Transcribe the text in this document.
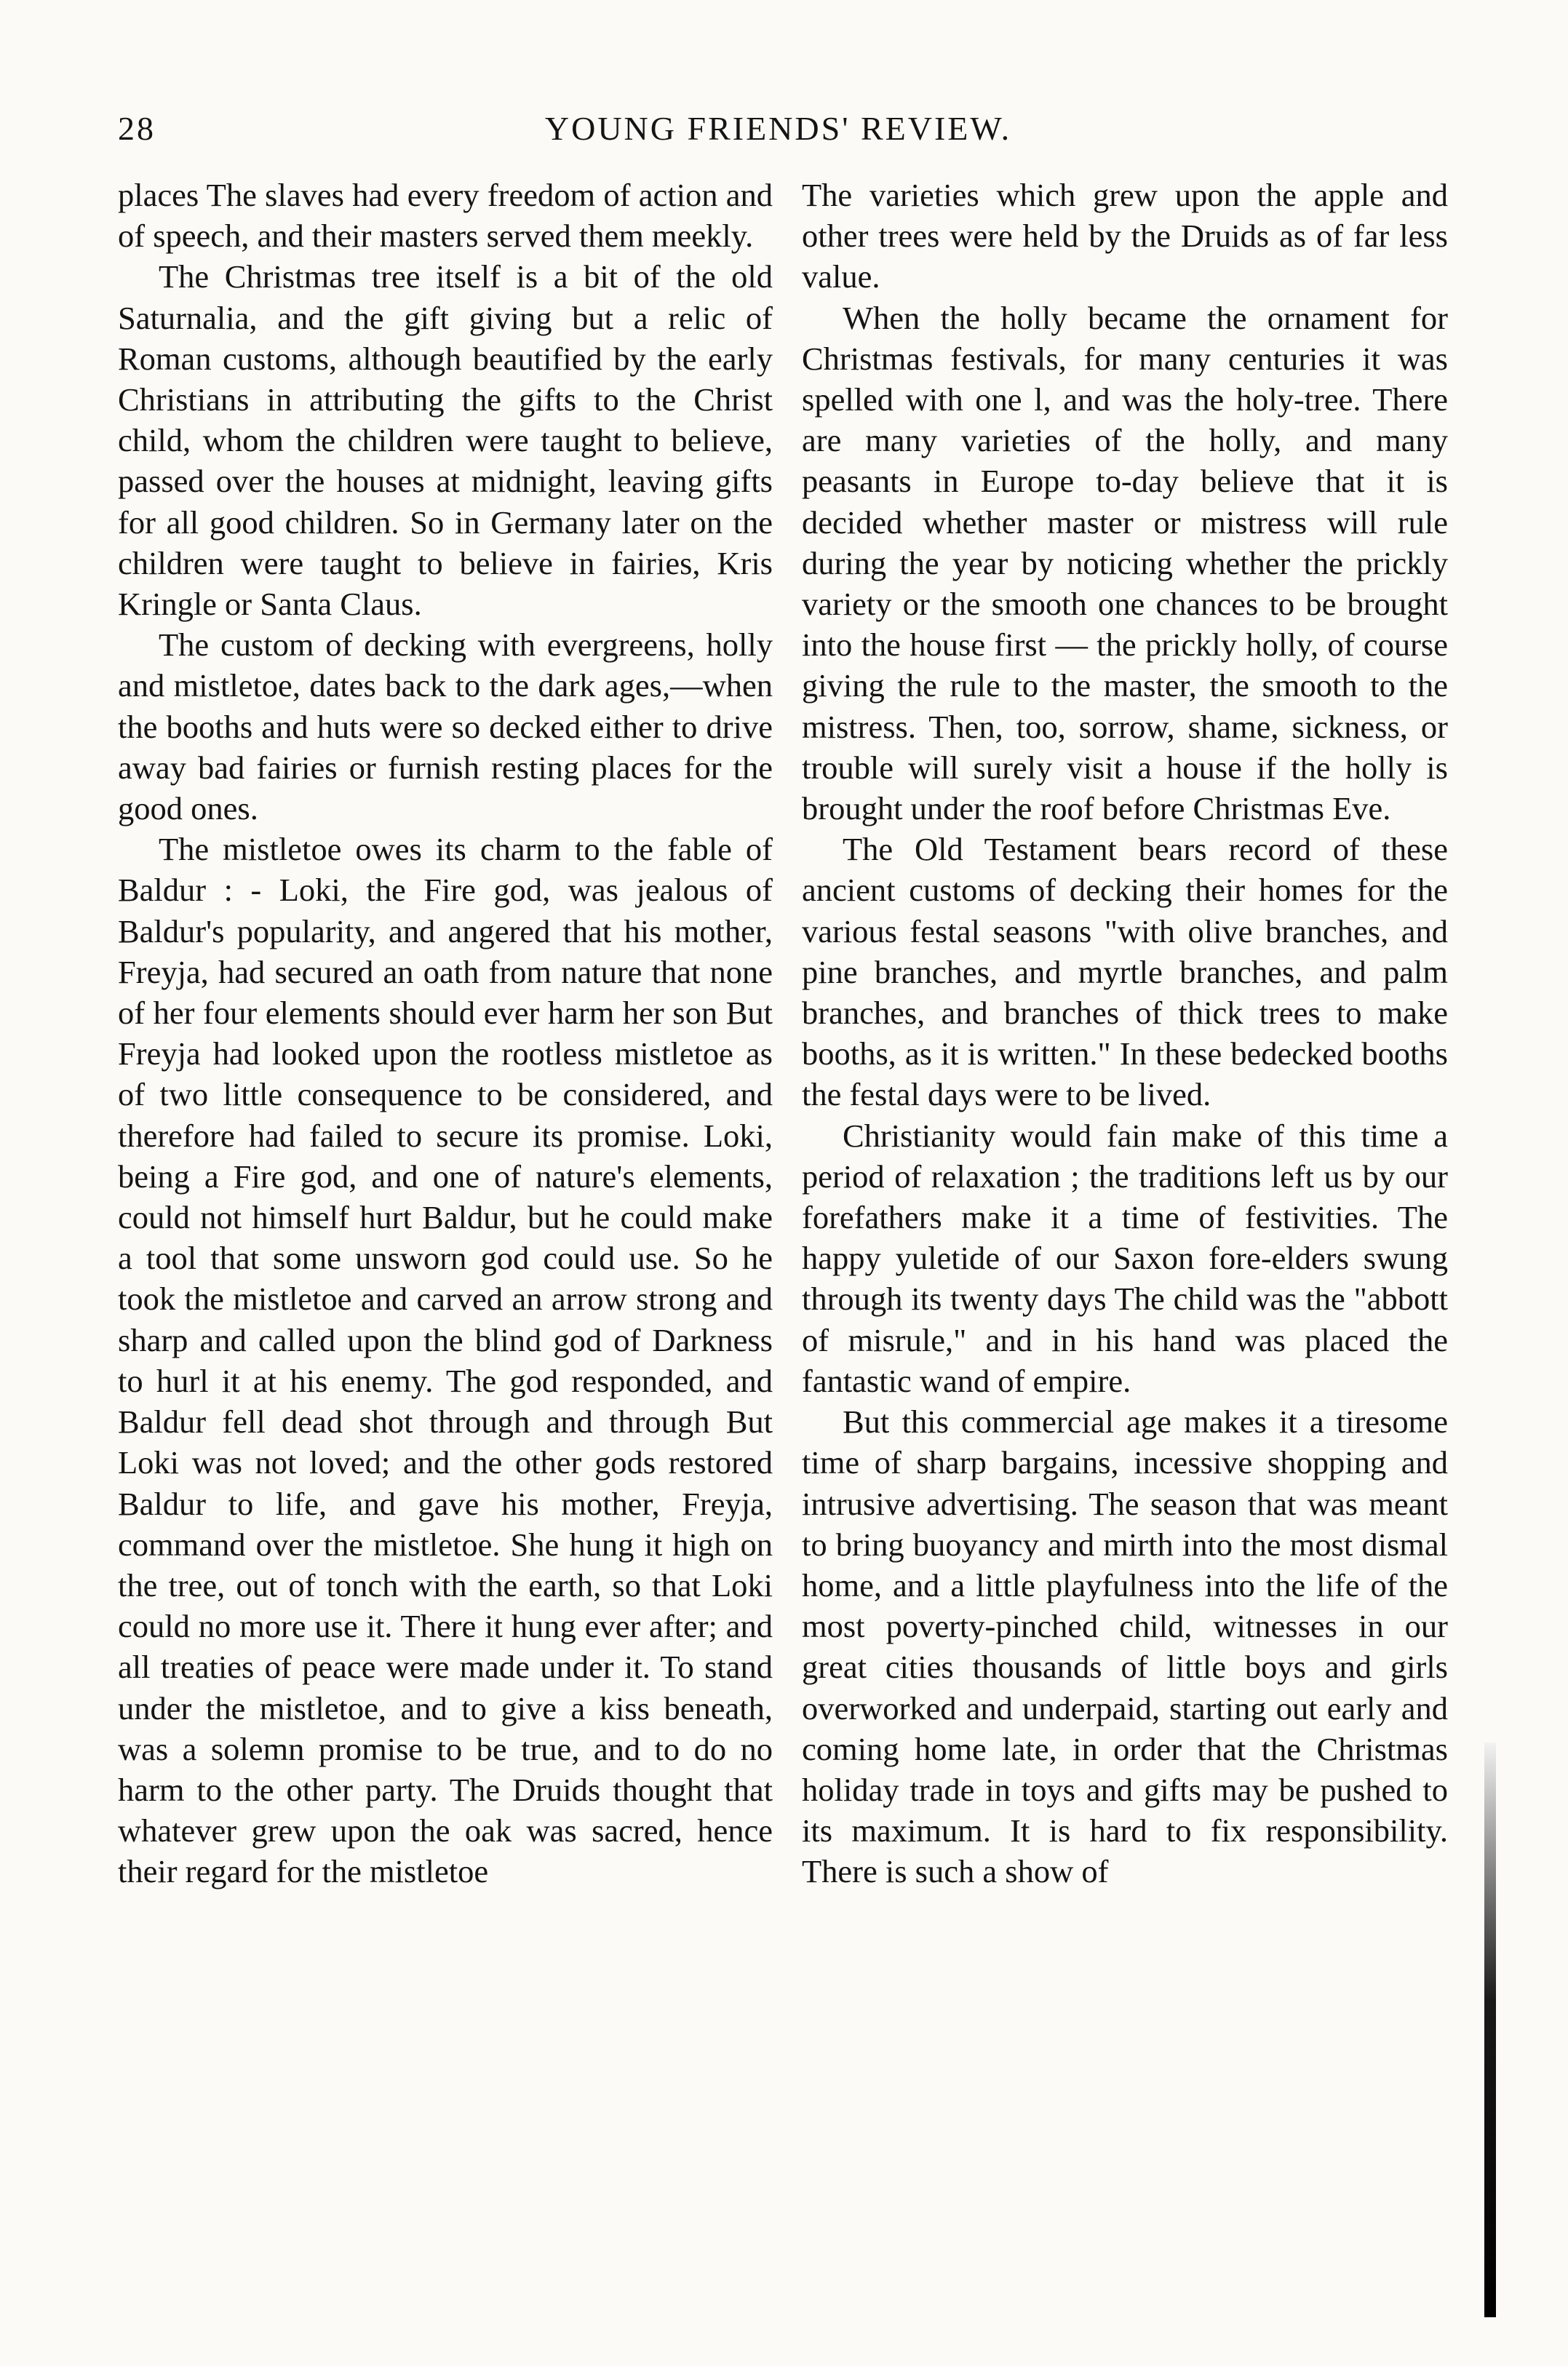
28	YOUNG FRIENDS' REVIEW.

places The slaves had every freedom of action and of speech, and their masters served them meekly.

The Christmas tree itself is a bit of the old Saturnalia, and the gift giving but a relic of Roman customs, although beautified by the early Christians in attributing the gifts to the Christ child, whom the children were taught to believe, passed over the houses at midnight, leaving gifts for all good children. So in Germany later on the children were taught to believe in fairies, Kris Kringle or Santa Claus.

The custom of decking with evergreens, holly and mistletoe, dates back to the dark ages,—when the booths and huts were so decked either to drive away bad fairies or furnish resting places for the good ones.

The mistletoe owes its charm to the fable of Baldur : - Loki, the Fire god, was jealous of Baldur's popularity, and angered that his mother, Freyja, had secured an oath from nature that none of her four elements should ever harm her son But Freyja had looked upon the rootless mistletoe as of two little consequence to be considered, and therefore had failed to secure its promise. Loki, being a Fire god, and one of nature's elements, could not himself hurt Baldur, but he could make a tool that some unsworn god could use. So he took the mistletoe and carved an arrow strong and sharp and called upon the blind god of Darkness to hurl it at his enemy. The god responded, and Baldur fell dead shot through and through But Loki was not loved; and the other gods restored Baldur to life, and gave his mother, Freyja, command over the mistletoe. She hung it high on the tree, out of tonch with the earth, so that Loki could no more use it. There it hung ever after; and all treaties of peace were made under it. To stand under the mistletoe, and to give a kiss beneath, was a solemn promise to be true, and to do no harm to the other party. The Druids thought that whatever grew upon the oak was sacred, hence their regard for the mistletoe

The varieties which grew upon the apple and other trees were held by the Druids as of far less value.

When the holly became the ornament for Christmas festivals, for many centuries it was spelled with one l, and was the holy-tree. There are many varieties of the holly, and many peasants in Europe to-day believe that it is decided whether master or mistress will rule during the year by noticing whether the prickly variety or the smooth one chances to be brought into the house first — the prickly holly, of course giving the rule to the master, the smooth to the mistress. Then, too, sorrow, shame, sickness, or trouble will surely visit a house if the holly is brought under the roof before Christmas Eve.

The Old Testament bears record of these ancient customs of decking their homes for the various festal seasons "with olive branches, and pine branches, and myrtle branches, and palm branches, and branches of thick trees to make booths, as it is written." In these bedecked booths the festal days were to be lived.

Christianity would fain make of this time a period of relaxation ; the traditions left us by our forefathers make it a time of festivities. The happy yuletide of our Saxon fore-elders swung through its twenty days The child was the "abbott of misrule," and in his hand was placed the fantastic wand of empire.

But this commercial age makes it a tiresome time of sharp bargains, incessive shopping and intrusive advertising. The season that was meant to bring buoyancy and mirth into the most dismal home, and a little playfulness into the life of the most poverty-pinched child, witnesses in our great cities thousands of little boys and girls overworked and underpaid, starting out early and coming home late, in order that the Christmas holiday trade in toys and gifts may be pushed to its maximum. It is hard to fix responsibility. There is such a show of
